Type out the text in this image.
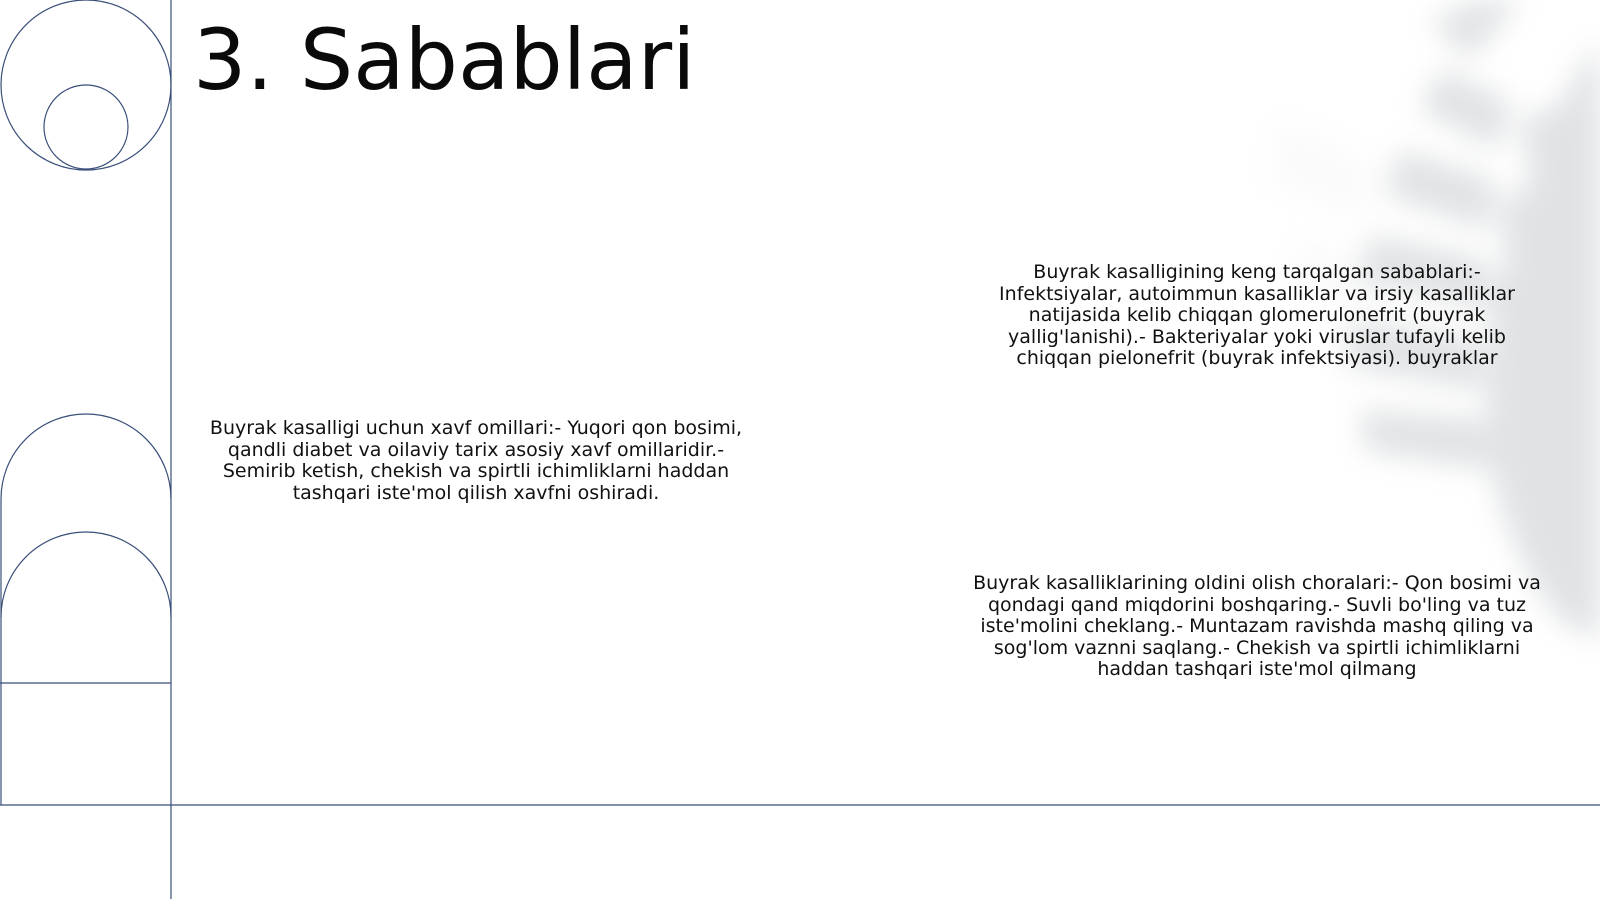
3. Sabablari

Buyrak kasalligi uchun xavf omillari:- Yuqori qon bosimi, qandli diabet va oilaviy tarix asosiy xavf omillaridir.- Semirib ketish, chekish va spirtli ichimliklarni haddan tashqari iste'mol qilish xavfni oshiradi.

Buyrak kasalligining keng tarqalgan sabablari:- Infektsiyalar, autoimmun kasalliklar va irsiy kasalliklar natijasida kelib chiqqan glomerulonefrit (buyrak yallig'lanishi).- Bakteriyalar yoki viruslar tufayli kelib chiqqan pielonefrit (buyrak infektsiyasi). buyraklar

Buyrak kasalliklarining oldini olish choralari:- Qon bosimi va qondagi qand miqdorini boshqaring.- Suvli bo'ling va tuz iste'molini cheklang.- Muntazam ravishda mashq qiling va sog'lom vaznni saqlang.- Chekish va spirtli ichimliklarni haddan tashqari iste'mol qilmang
